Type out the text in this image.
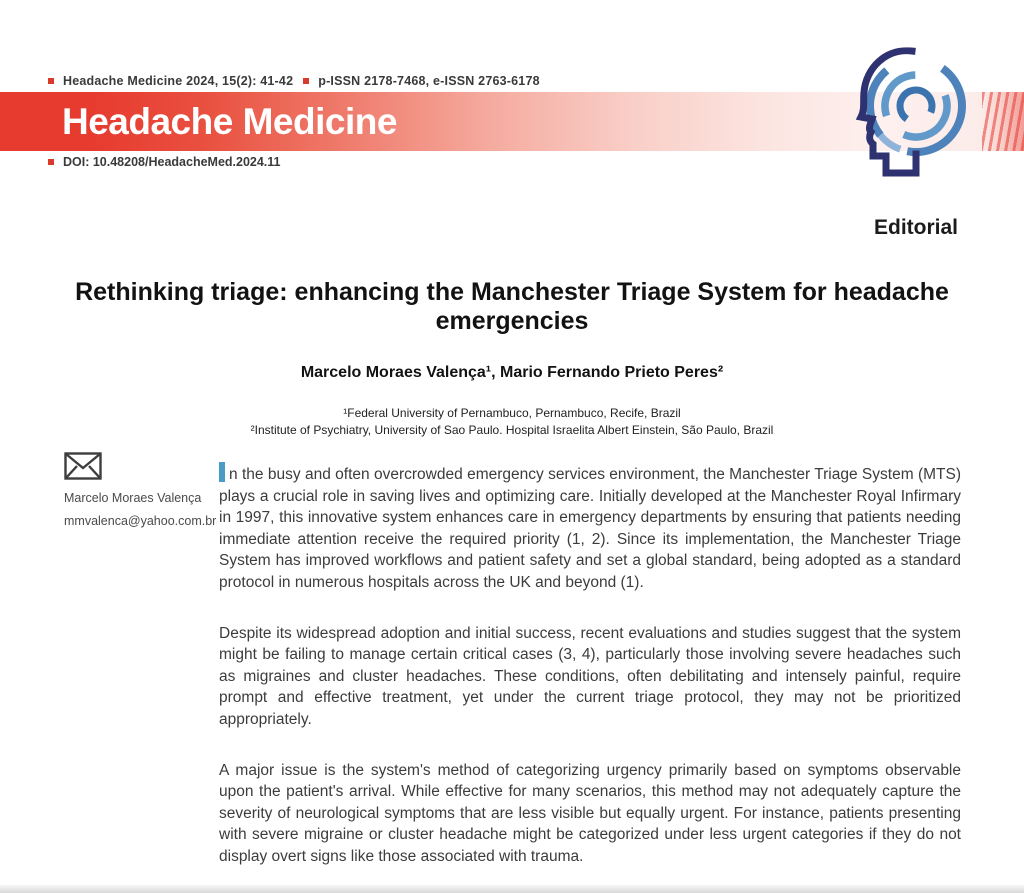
Headache Medicine 2024, 15(2): 41-42 p-ISSN 2178-7468, e-ISSN 2763-6178
Headache Medicine
DOI: 10.48208/HeadacheMed.2024.11
Editorial
Rethinking triage: enhancing the Manchester Triage System for headache emergencies
Marcelo Moraes Valença¹, Mario Fernando Prieto Peres²
¹Federal University of Pernambuco, Pernambuco, Recife, Brazil
²Institute of Psychiatry, University of Sao Paulo. Hospital Israelita Albert Einstein, São Paulo, Brazil
Marcelo Moraes Valença
mmvalenca@yahoo.com.br

n the busy and often overcrowded emergency services environment, the Manchester Triage System (MTS) plays a crucial role in saving lives and optimizing care. Initially developed at the Manchester Royal Infirmary in 1997, this innovative system enhances care in emergency departments by ensuring that patients needing immediate attention receive the required priority (1, 2). Since its implementation, the Manchester Triage System has improved workflows and patient safety and set a global standard, being adopted as a standard protocol in numerous hospitals across the UK and beyond (1).

Despite its widespread adoption and initial success, recent evaluations and studies suggest that the system might be failing to manage certain critical cases (3, 4), particularly those involving severe headaches such as migraines and cluster headaches. These conditions, often debilitating and intensely painful, require prompt and effective treatment, yet under the current triage protocol, they may not be prioritized appropriately.

A major issue is the system's method of categorizing urgency primarily based on symptoms observable upon the patient's arrival. While effective for many scenarios, this method may not adequately capture the severity of neurological symptoms that are less visible but equally urgent. For instance, patients presenting with severe migraine or cluster headache might be categorized under less urgent categories if they do not display overt signs like those associated with trauma.
